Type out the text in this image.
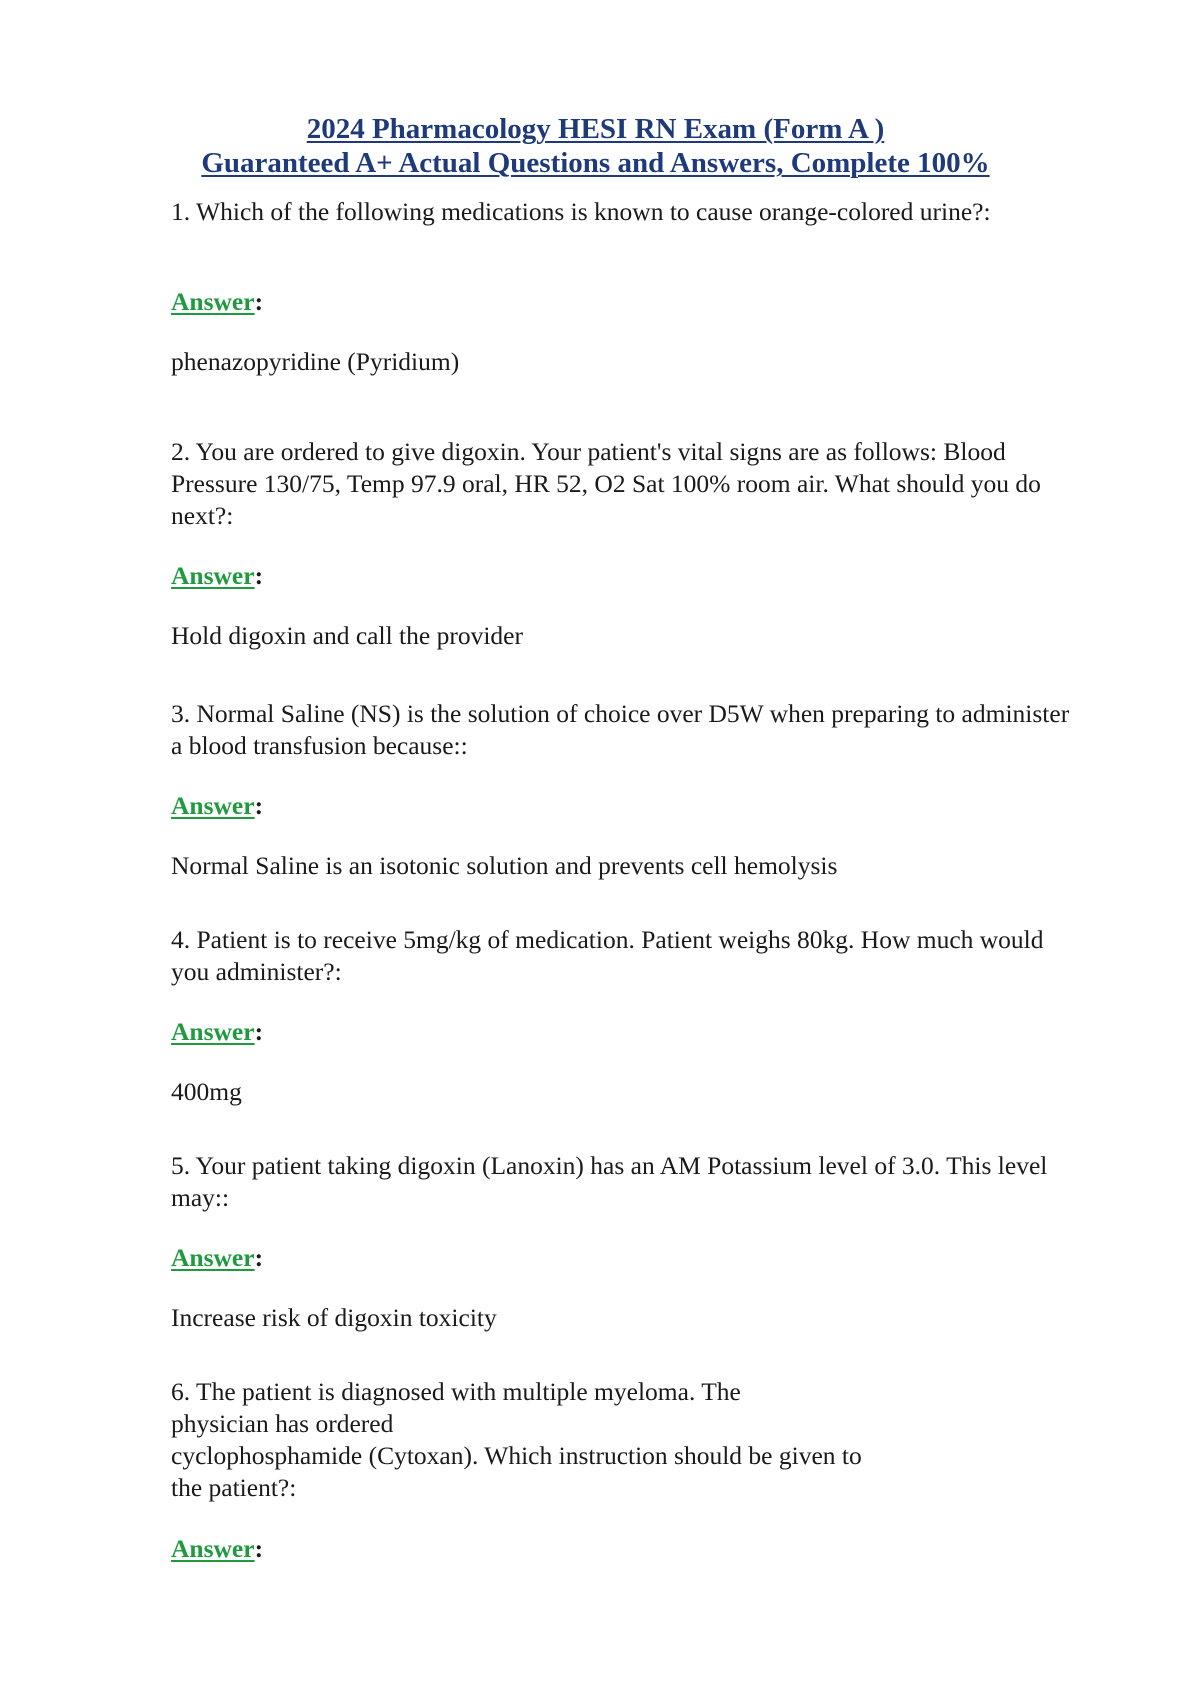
2024 Pharmacology HESI RN Exam (Form A )
Guaranteed A+ Actual Questions and Answers, Complete 100%

1. Which of the following medications is known to cause orange-colored urine?:

Answer:

phenazopyridine (Pyridium)

2. You are ordered to give digoxin. Your patient's vital signs are as follows: Blood Pressure 130/75, Temp 97.9 oral, HR 52, O2 Sat 100% room air. What should you do next?:

Answer:

Hold digoxin and call the provider

3. Normal Saline (NS) is the solution of choice over D5W when preparing to administer a blood transfusion because::

Answer:

Normal Saline is an isotonic solution and prevents cell hemolysis

4. Patient is to receive 5mg/kg of medication. Patient weighs 80kg. How much would you administer?:

Answer:

400mg

5. Your patient taking digoxin (Lanoxin) has an AM Potassium level of 3.0. This level may::

Answer:

Increase risk of digoxin toxicity

6. The patient is diagnosed with multiple myeloma. The
physician has ordered
cyclophosphamide (Cytoxan). Which instruction should be given to
the patient?:

Answer:
